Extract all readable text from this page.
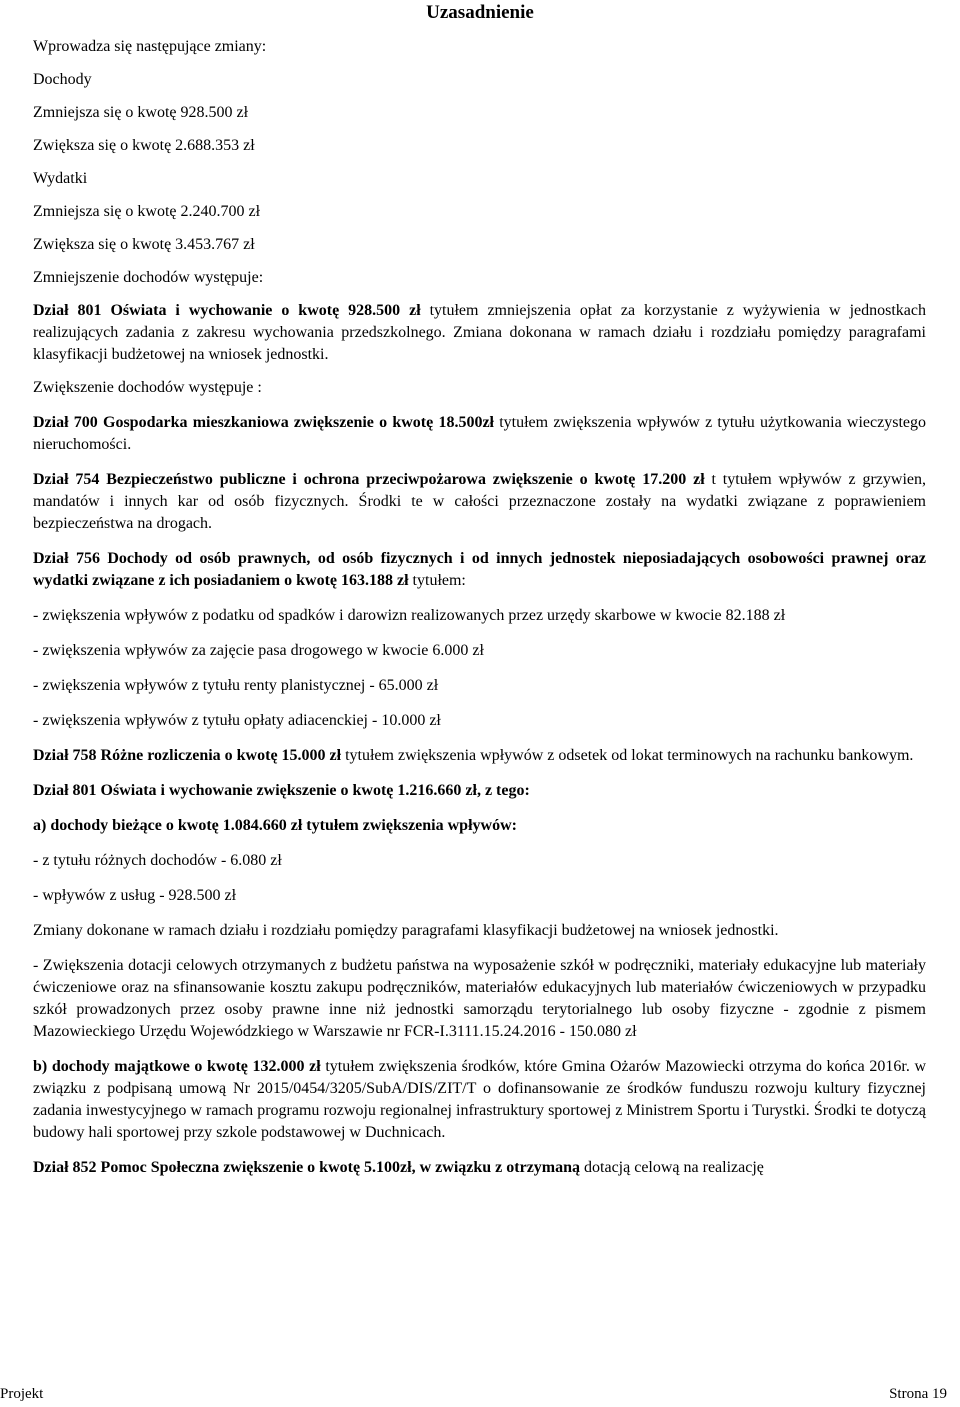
Uzasadnienie

Wprowadza się następujące zmiany:

Dochody

Zmniejsza się o kwotę 928.500 zł

Zwiększa się o kwotę 2.688.353 zł

Wydatki

Zmniejsza się o kwotę 2.240.700 zł

Zwiększa się o kwotę 3.453.767 zł

Zmniejszenie dochodów występuje:

Dział 801 Oświata i wychowanie o kwotę 928.500 zł tytułem zmniejszenia opłat za korzystanie z wyżywienia w jednostkach realizujących zadania z zakresu wychowania przedszkolnego. Zmiana dokonana w ramach działu i rozdziału pomiędzy paragrafami klasyfikacji budżetowej na wniosek jednostki.

Zwiększenie dochodów występuje :

Dział 700 Gospodarka mieszkaniowa zwiększenie o kwotę 18.500zł tytułem zwiększenia wpływów z tytułu użytkowania wieczystego nieruchomości.

Dział 754 Bezpieczeństwo publiczne i ochrona przeciwpożarowa zwiększenie o kwotę 17.200 zł t tytułem wpływów z grzywien, mandatów i innych kar od osób fizycznych. Środki te w całości przeznaczone zostały na wydatki związane z poprawieniem bezpieczeństwa na drogach.

Dział 756 Dochody od osób prawnych, od osób fizycznych i od innych jednostek nieposiadających osobowości prawnej oraz wydatki związane z ich posiadaniem o kwotę 163.188 zł tytułem:

- zwiększenia wpływów z podatku od spadków i darowizn realizowanych przez urzędy skarbowe w kwocie 82.188 zł

- zwiększenia wpływów za zajęcie pasa drogowego w kwocie 6.000 zł

- zwiększenia wpływów z tytułu renty planistycznej - 65.000 zł

- zwiększenia wpływów z tytułu opłaty adiacenckiej - 10.000 zł

Dział 758 Różne rozliczenia o kwotę 15.000 zł tytułem zwiększenia wpływów z odsetek od lokat terminowych na rachunku bankowym.

Dział 801 Oświata i wychowanie zwiększenie o kwotę 1.216.660 zł, z tego:

a) dochody bieżące o kwotę 1.084.660 zł tytułem zwiększenia wpływów:

- z tytułu różnych dochodów - 6.080 zł

- wpływów z usług - 928.500 zł

Zmiany dokonane w ramach działu i rozdziału pomiędzy paragrafami klasyfikacji budżetowej na wniosek jednostki.

- Zwiększenia dotacji celowych otrzymanych z budżetu państwa na wyposażenie szkół w podręczniki, materiały edukacyjne lub materiały ćwiczeniowe oraz na sfinansowanie kosztu zakupu podręczników, materiałów edukacyjnych lub materiałów ćwiczeniowych w przypadku szkół prowadzonych przez osoby prawne inne niż jednostki samorządu terytorialnego lub osoby fizyczne - zgodnie z pismem Mazowieckiego Urzędu Wojewódzkiego w Warszawie nr FCR-I.3111.15.24.2016 - 150.080 zł

b) dochody majątkowe o kwotę 132.000 zł tytułem zwiększenia środków, które Gmina Ożarów Mazowiecki otrzyma do końca 2016r. w związku z podpisaną umową Nr 2015/0454/3205/SubA/DIS/ZIT/T o dofinansowanie ze środków funduszu rozwoju kultury fizycznej zadania inwestycyjnego w ramach programu rozwoju regionalnej infrastruktury sportowej z Ministrem Sportu i Turystki. Środki te dotyczą budowy hali sportowej przy szkole podstawowej w Duchnicach.

Dział 852 Pomoc Społeczna zwiększenie o kwotę 5.100zł, w związku z otrzymaną dotacją celową na realizację

Projekt	Strona 19
